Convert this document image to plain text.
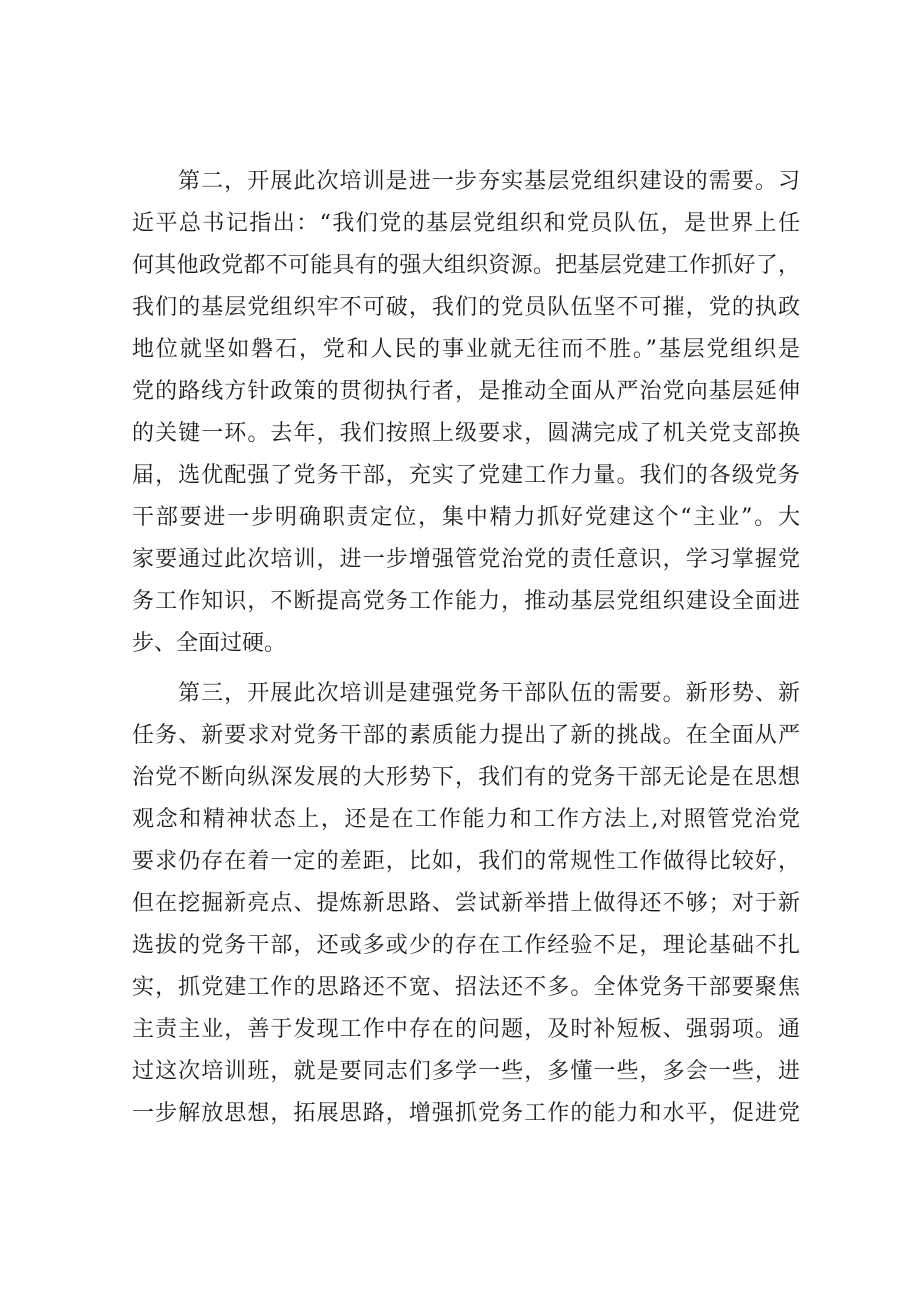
第二，开展此次培训是进一步夯实基层党组织建设的需要。习
近平总书记指出：“我们党的基层党组织和党员队伍，是世界上任
何其他政党都不可能具有的强大组织资源。把基层党建工作抓好了，
我们的基层党组织牢不可破，我们的党员队伍坚不可摧，党的执政
地位就坚如磐石，党和人民的事业就无往而不胜。”基层党组织是
党的路线方针政策的贯彻执行者，是推动全面从严治党向基层延伸
的关键一环。去年，我们按照上级要求，圆满完成了机关党支部换
届，选优配强了党务干部，充实了党建工作力量。我们的各级党务
干部要进一步明确职责定位，集中精力抓好党建这个“主业”。大
家要通过此次培训，进一步增强管党治党的责任意识，学习掌握党
务工作知识，不断提高党务工作能力，推动基层党组织建设全面进
步、全面过硬。
第三，开展此次培训是建强党务干部队伍的需要。新形势、新
任务、新要求对党务干部的素质能力提出了新的挑战。在全面从严
治党不断向纵深发展的大形势下，我们有的党务干部无论是在思想
观念和精神状态上，还是在工作能力和工作方法上,对照管党治党
要求仍存在着一定的差距，比如，我们的常规性工作做得比较好，
但在挖掘新亮点、提炼新思路、尝试新举措上做得还不够；对于新
选拔的党务干部，还或多或少的存在工作经验不足，理论基础不扎
实，抓党建工作的思路还不宽、招法还不多。全体党务干部要聚焦
主责主业，善于发现工作中存在的问题，及时补短板、强弱项。通
过这次培训班，就是要同志们多学一些，多懂一些，多会一些，进
一步解放思想，拓展思路，增强抓党务工作的能力和水平，促进党
